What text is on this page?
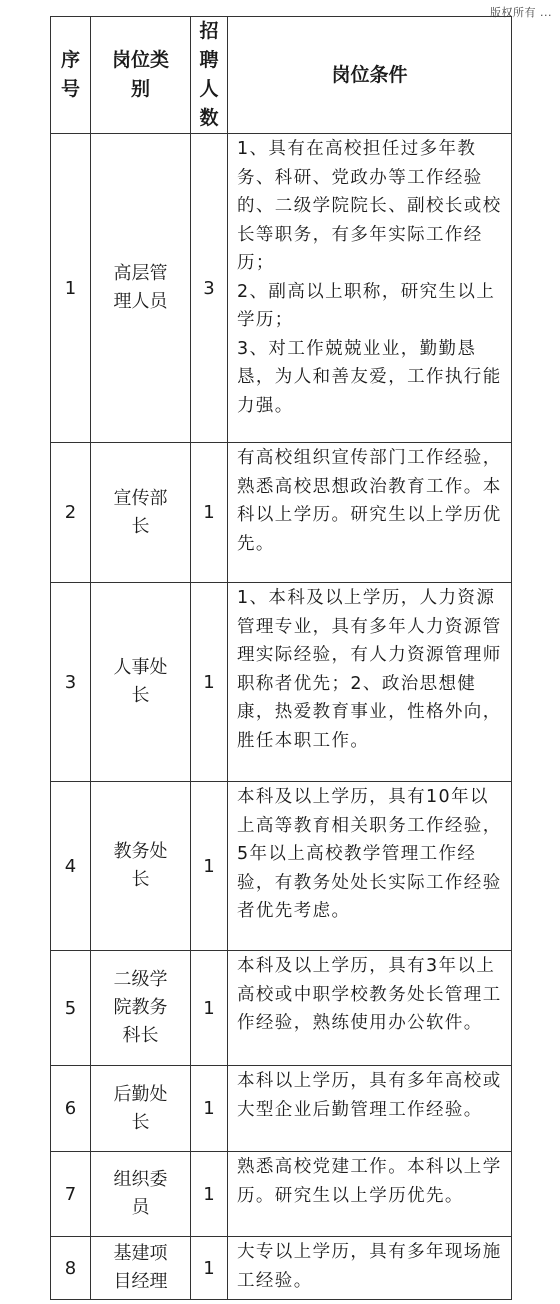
版权所有 ...
序号	岗位类别	招聘人数	岗位条件
1	高层管理人员	3	1、具有在高校担任过多年教务、科研、党政办等工作经验的、二级学院院长、副校长或校长等职务，有多年实际工作经历；
2、副高以上职称，研究生以上学历；
3、对工作兢兢业业，勤勤恳恳，为人和善友爱，工作执行能力强。

2	宣传部长	1	有高校组织宣传部门工作经验，熟悉高校思想政治教育工作。本科以上学历。研究生以上学历优先。

3	人事处长	1	1、本科及以上学历，人力资源管理专业，具有多年人力资源管理实际经验，有人力资源管理师职称者优先；2、政治思想健康，热爱教育事业，性格外向，胜任本职工作。

4	教务处长	1	本科及以上学历，具有10年以上高等教育相关职务工作经验，5年以上高校教学管理工作经验，有教务处处长实际工作经验者优先考虑。

5	二级学院教务科长	1	本科及以上学历，具有3年以上高校或中职学校教务处长管理工作经验，熟练使用办公软件。

6	后勤处长	1	本科以上学历，具有多年高校或大型企业后勤管理工作经验。

7	组织委员	1	熟悉高校党建工作。本科以上学历。研究生以上学历优先。

8	基建项目经理	1	大专以上学历，具有多年现场施工经验。
